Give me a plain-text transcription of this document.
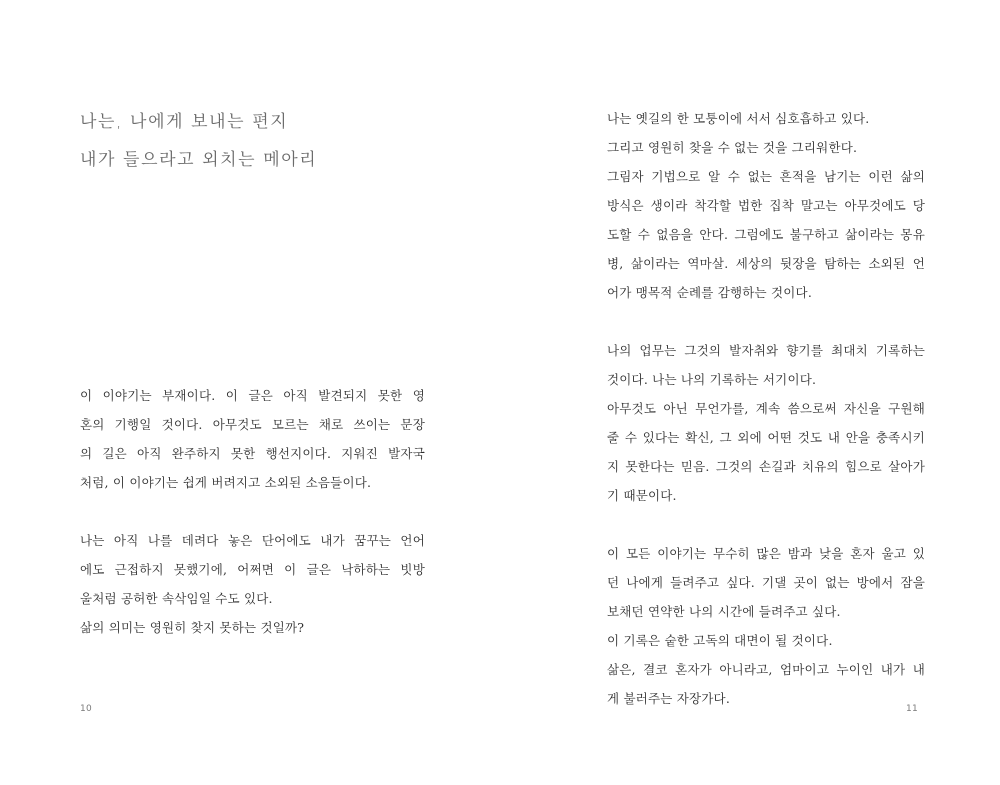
나는, 나에게 보내는 편지
내가 들으라고 외치는 메아리
이 이야기는 부재이다. 이 글은 아직 발견되지 못한 영
혼의 기행일 것이다. 아무것도 모르는 채로 쓰이는 문장
의 길은 아직 완주하지 못한 행선지이다. 지워진 발자국
처럼, 이 이야기는 쉽게 버려지고 소외된 소음들이다.
나는 아직 나를 데려다 놓은 단어에도 내가 꿈꾸는 언어
에도 근접하지 못했기에, 어쩌면 이 글은 낙하하는 빗방
울처럼 공허한 속삭임일 수도 있다.
삶의 의미는 영원히 찾지 못하는 것일까?
10
나는 옛길의 한 모퉁이에 서서 심호흡하고 있다.
그리고 영원히 찾을 수 없는 것을 그리워한다.
그림자 기법으로 알 수 없는 흔적을 남기는 이런 삶의
방식은 생이라 착각할 법한 집착 말고는 아무것에도 당
도할 수 없음을 안다. 그럼에도 불구하고 삶이라는 몽유
병, 삶이라는 역마살. 세상의 뒷장을 탐하는 소외된 언
어가 맹목적 순례를 감행하는 것이다.
나의 업무는 그것의 발자취와 향기를 최대치 기록하는
것이다. 나는 나의 기록하는 서기이다.
아무것도 아닌 무언가를, 계속 씀으로써 자신을 구원해
줄 수 있다는 확신, 그 외에 어떤 것도 내 안을 충족시키
지 못한다는 믿음. 그것의 손길과 치유의 힘으로 살아가
기 때문이다.
이 모든 이야기는 무수히 많은 밤과 낮을 혼자 울고 있
던 나에게 들려주고 싶다. 기댈 곳이 없는 방에서 잠을
보채던 연약한 나의 시간에 들려주고 싶다.
이 기록은 숱한 고독의 대면이 될 것이다.
삶은, 결코 혼자가 아니라고, 엄마이고 누이인 내가 내
게 불러주는 자장가다.
11
